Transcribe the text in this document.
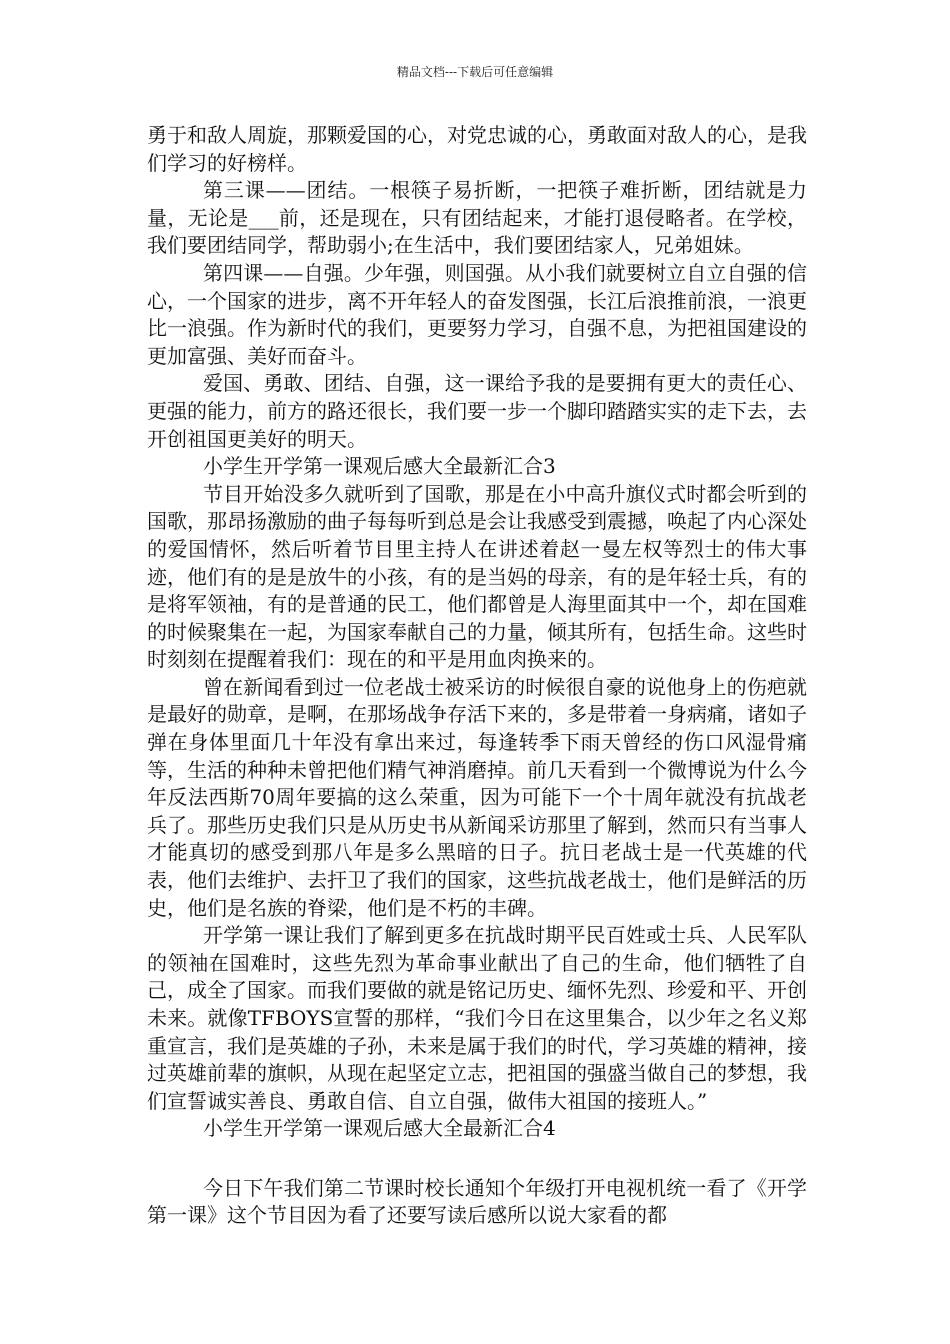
精品文档---下载后可任意编辑

勇于和敌人周旋，那颗爱国的心，对党忠诚的心，勇敢面对敌人的心，是我们学习的好榜样。

第三课——团结。一根筷子易折断，一把筷子难折断，团结就是力量，无论是___前，还是现在，只有团结起来，才能打退侵略者。在学校，我们要团结同学，帮助弱小;在生活中，我们要团结家人，兄弟姐妹。

第四课——自强。少年强，则国强。从小我们就要树立自立自强的信心，一个国家的进步，离不开年轻人的奋发图强，长江后浪推前浪，一浪更比一浪强。作为新时代的我们，更要努力学习，自强不息，为把祖国建设的更加富强、美好而奋斗。

爱国、勇敢、团结、自强，这一课给予我的是要拥有更大的责任心、更强的能力，前方的路还很长，我们要一步一个脚印踏踏实实的走下去，去开创祖国更美好的明天。

小学生开学第一课观后感大全最新汇合3

节目开始没多久就听到了国歌，那是在小中高升旗仪式时都会听到的国歌，那昂扬激励的曲子每每听到总是会让我感受到震撼，唤起了内心深处的爱国情怀，然后听着节目里主持人在讲述着赵一曼左权等烈士的伟大事迹，他们有的是是放牛的小孩，有的是当妈的母亲，有的是年轻士兵，有的是将军领袖，有的是普通的民工，他们都曾是人海里面其中一个，却在国难的时候聚集在一起，为国家奉献自己的力量，倾其所有，包括生命。这些时时刻刻在提醒着我们：现在的和平是用血肉换来的。

曾在新闻看到过一位老战士被采访的时候很自豪的说他身上的伤疤就是最好的勋章，是啊，在那场战争存活下来的，多是带着一身病痛，诸如子弹在身体里面几十年没有拿出来过，每逢转季下雨天曾经的伤口风湿骨痛等，生活的种种未曾把他们精气神消磨掉。前几天看到一个微博说为什么今年反法西斯70周年要搞的这么荣重，因为可能下一个十周年就没有抗战老兵了。那些历史我们只是从历史书从新闻采访那里了解到，然而只有当事人才能真切的感受到那八年是多么黑暗的日子。抗日老战士是一代英雄的代表，他们去维护、去扞卫了我们的国家，这些抗战老战士，他们是鲜活的历史，他们是名族的脊梁，他们是不朽的丰碑。

开学第一课让我们了解到更多在抗战时期平民百姓或士兵、人民军队的领袖在国难时，这些先烈为革命事业献出了自己的生命，他们牺牲了自己，成全了国家。而我们要做的就是铭记历史、缅怀先烈、珍爱和平、开创未来。就像TFBOYS宣誓的那样，“我们今日在这里集合，以少年之名义郑重宣言，我们是英雄的子孙，未来是属于我们的时代，学习英雄的精神，接过英雄前辈的旗帜，从现在起坚定立志，把祖国的强盛当做自己的梦想，我们宣誓诚实善良、勇敢自信、自立自强，做伟大祖国的接班人。”

小学生开学第一课观后感大全最新汇合4

今日下午我们第二节课时校长通知个年级打开电视机统一看了《开学第一课》这个节目因为看了还要写读后感所以说大家看的都
